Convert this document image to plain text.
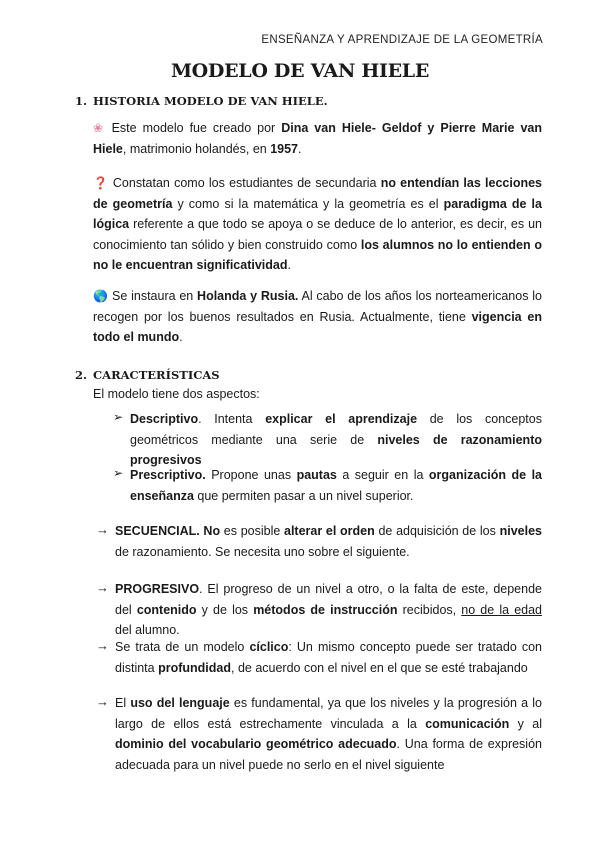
ENSEÑANZA Y APRENDIZAJE DE LA GEOMETRÍA
MODELO DE VAN HIELE
1. HISTORIA MODELO DE VAN HIELE.
❀ Este modelo fue creado por Dina van Hiele- Geldof y Pierre Marie van Hiele, matrimonio holandés, en 1957.
❓ Constatan como los estudiantes de secundaria no entendían las lecciones de geometría y como si la matemática y la geometría es el paradigma de la lógica referente a que todo se apoya o se deduce de lo anterior, es decir, es un conocimiento tan sólido y bien construido como los alumnos no lo entienden o no le encuentran significatividad.
🌎 Se instaura en Holanda y Rusia. Al cabo de los años los norteamericanos lo recogen por los buenos resultados en Rusia. Actualmente, tiene vigencia en todo el mundo.
2. CARACTERÍSTICAS
El modelo tiene dos aspectos:
➢ Descriptivo. Intenta explicar el aprendizaje de los conceptos geométricos mediante una serie de niveles de razonamiento progresivos
➢ Prescriptivo. Propone unas pautas a seguir en la organización de la enseñanza que permiten pasar a un nivel superior.
→ SECUENCIAL. No es posible alterar el orden de adquisición de los niveles de razonamiento. Se necesita uno sobre el siguiente.
→ PROGRESIVO. El progreso de un nivel a otro, o la falta de este, depende del contenido y de los métodos de instrucción recibidos, no de la edad del alumno.
→ Se trata de un modelo cíclico: Un mismo concepto puede ser tratado con distinta profundidad, de acuerdo con el nivel en el que se esté trabajando
→ El uso del lenguaje es fundamental, ya que los niveles y la progresión a lo largo de ellos está estrechamente vinculada a la comunicación y al dominio del vocabulario geométrico adecuado. Una forma de expresión adecuada para un nivel puede no serlo en el nivel siguiente
